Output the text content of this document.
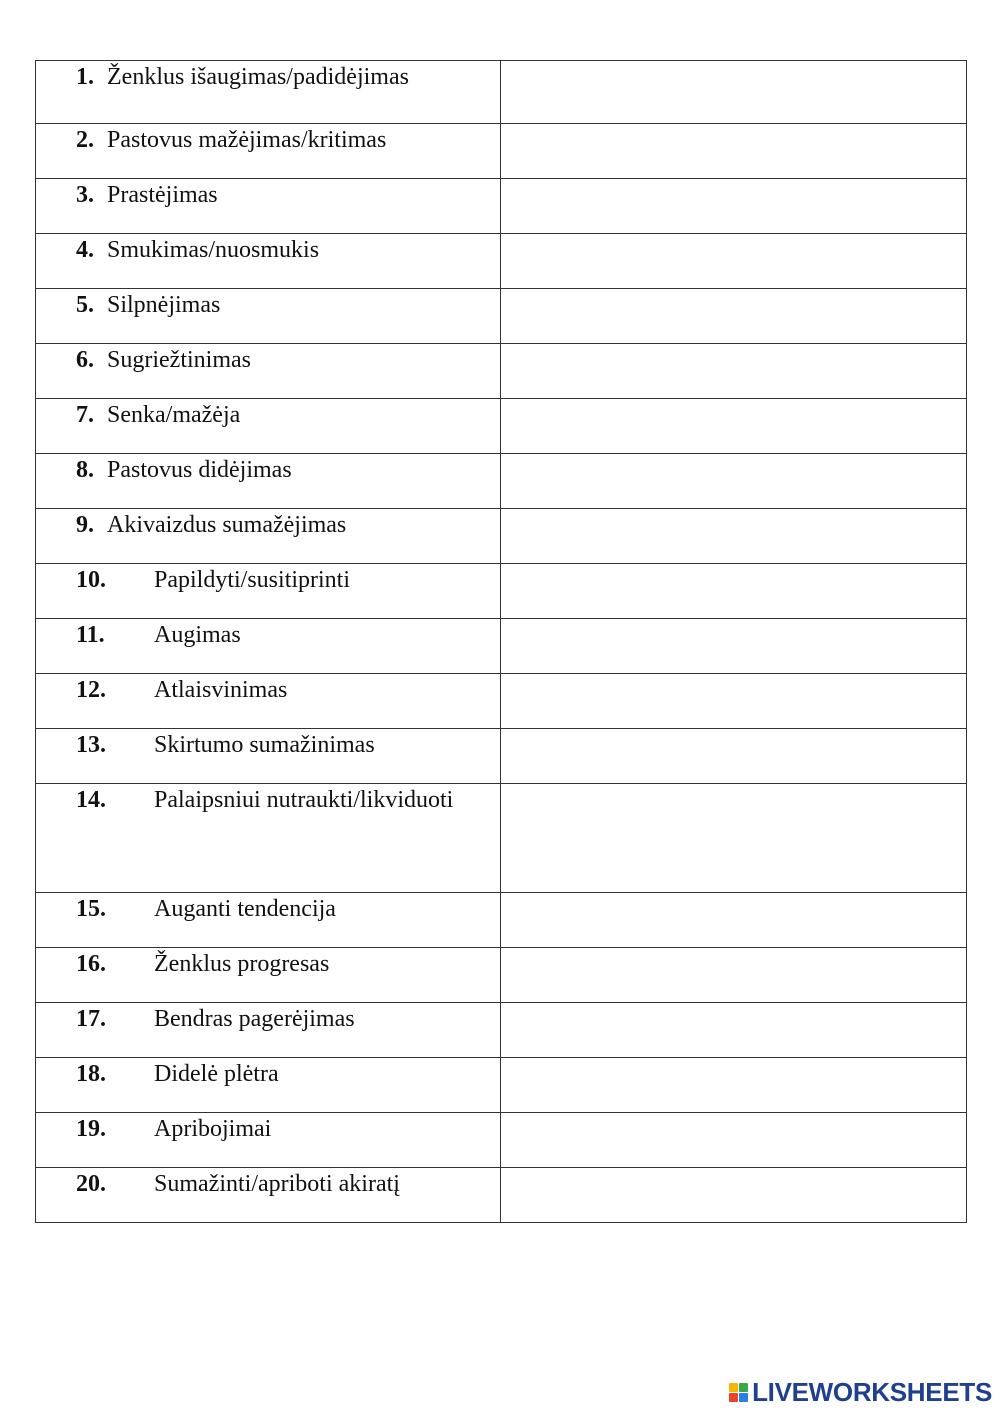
1. Ženklus išaugimas/padidėjimas	

2. Pastovus mažėjimas/kritimas	

3. Prastėjimas	

4. Smukimas/nuosmukis	

5. Silpnėjimas	

6. Sugriežtinimas	

7. Senka/mažėja	

8. Pastovus didėjimas	

9. Akivaizdus sumažėjimas	

10. Papildyti/susitiprinti	

11. Augimas	

12. Atlaisvinimas	

13. Skirtumo sumažinimas	

14. Palaipsniui nutraukti/likviduoti	

15. Auganti tendencija	

16. Ženklus progresas	

17. Bendras pagerėjimas	

18. Didelė plėtra	

19. Apribojimai	

20. Sumažinti/apriboti akiratį	

LIVEWORKSHEETS
